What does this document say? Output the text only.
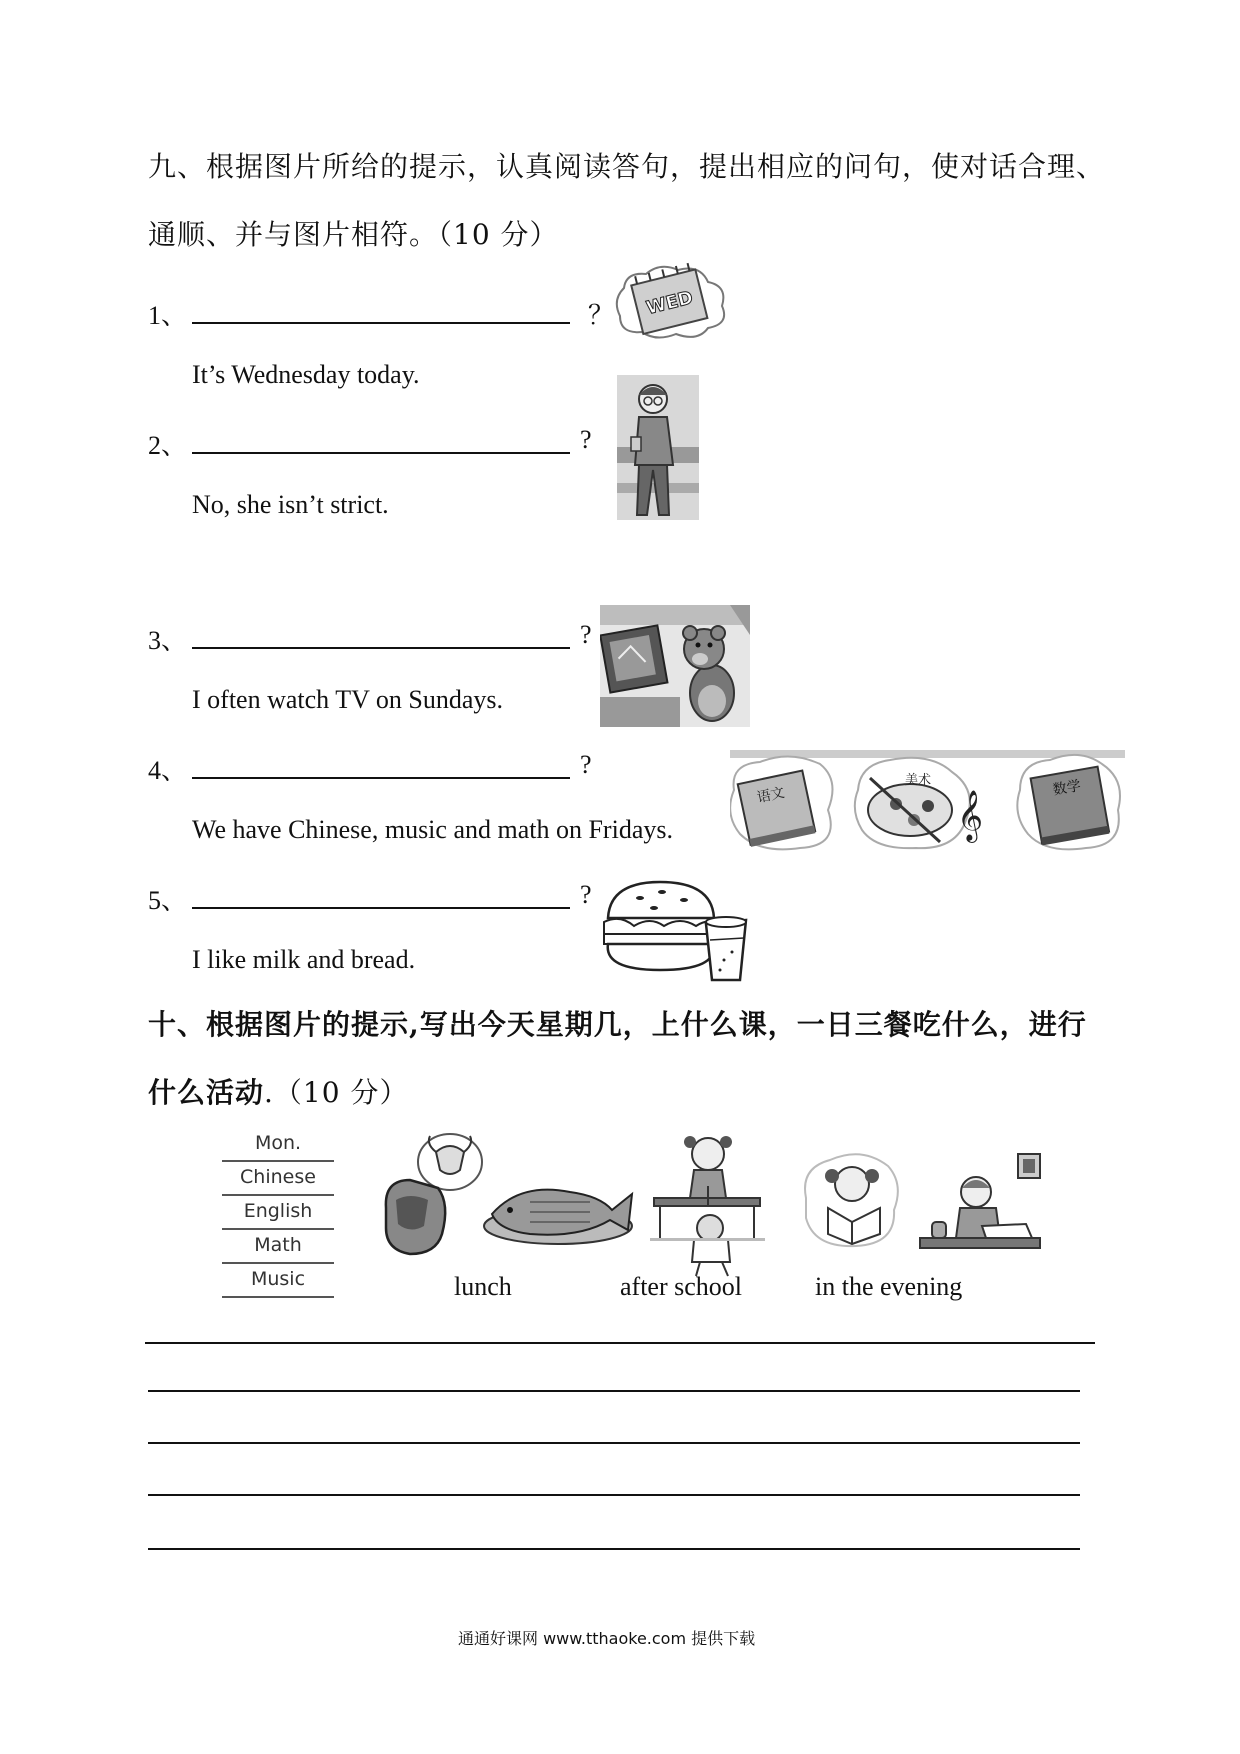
九、根据图片所给的提示，认真阅读答句，提出相应的问句，使对话合理、
通顺、并与图片相符。（10 分）
1、	？
It’s Wednesday today.
WED
2、	?
No, she isn’t strict.
3、	?
I often watch TV on Sundays.
4、	?
We have Chinese, music and math on Fridays.
语文
美术
𝄞
数学
5、	?
I like milk and bread.
十、根据图片的提示,写出今天星期几，上什么课，一日三餐吃什么，进行
什么活动.（10 分）
Mon.
Chinese
English
Math
Music	lunch	after school	in the evening
通通好课网 www.tthaoke.com 提供下载
